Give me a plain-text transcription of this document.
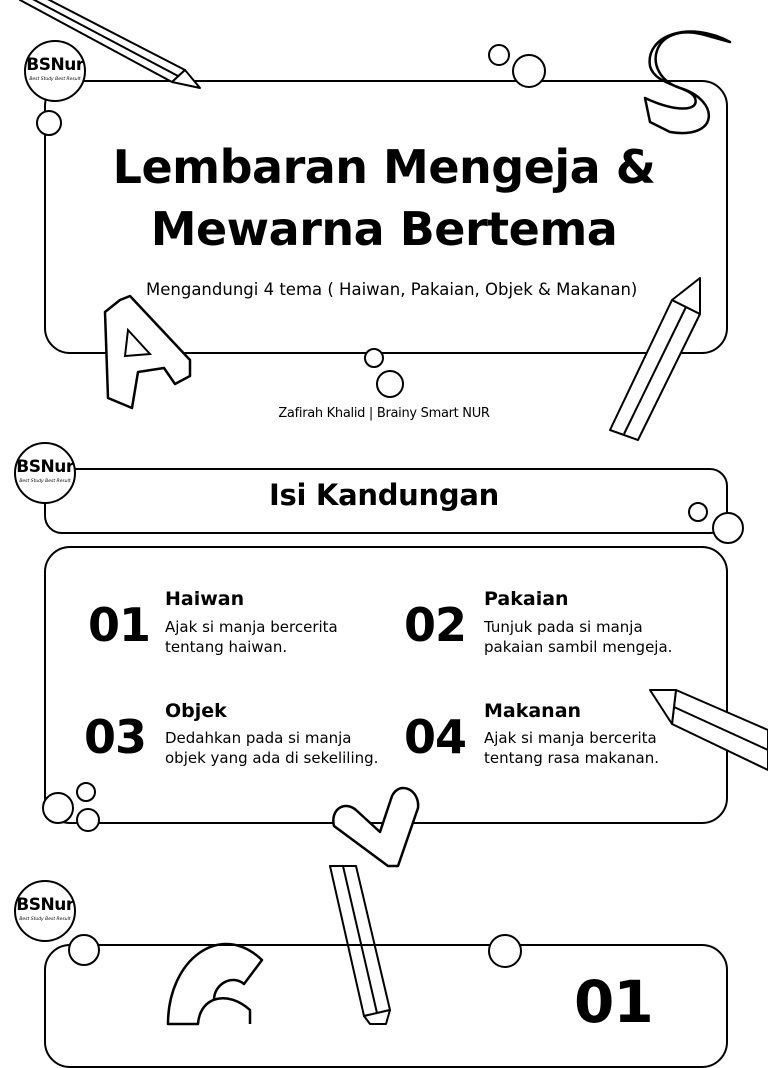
BSNur
Best Study Best Result
Lembaran Mengeja &
Mewarna Bertema
Mengandungi 4 tema ( Haiwan, Pakaian, Objek & Makanan)
Zafirah Khalid | Brainy Smart NUR
BSNur
Best Study Best Result	Isi Kandungan
01 Haiwan
Ajak si manja bercerita tentang haiwan.	02 Pakaian
Tunjuk pada si manja pakaian sambil mengeja.
03 Objek
Dedahkan pada si manja objek yang ada di sekeliling. 04 Makanan
Ajak si manja bercerita tentang rasa makanan.
BSNur
Best Study Best Result
01
